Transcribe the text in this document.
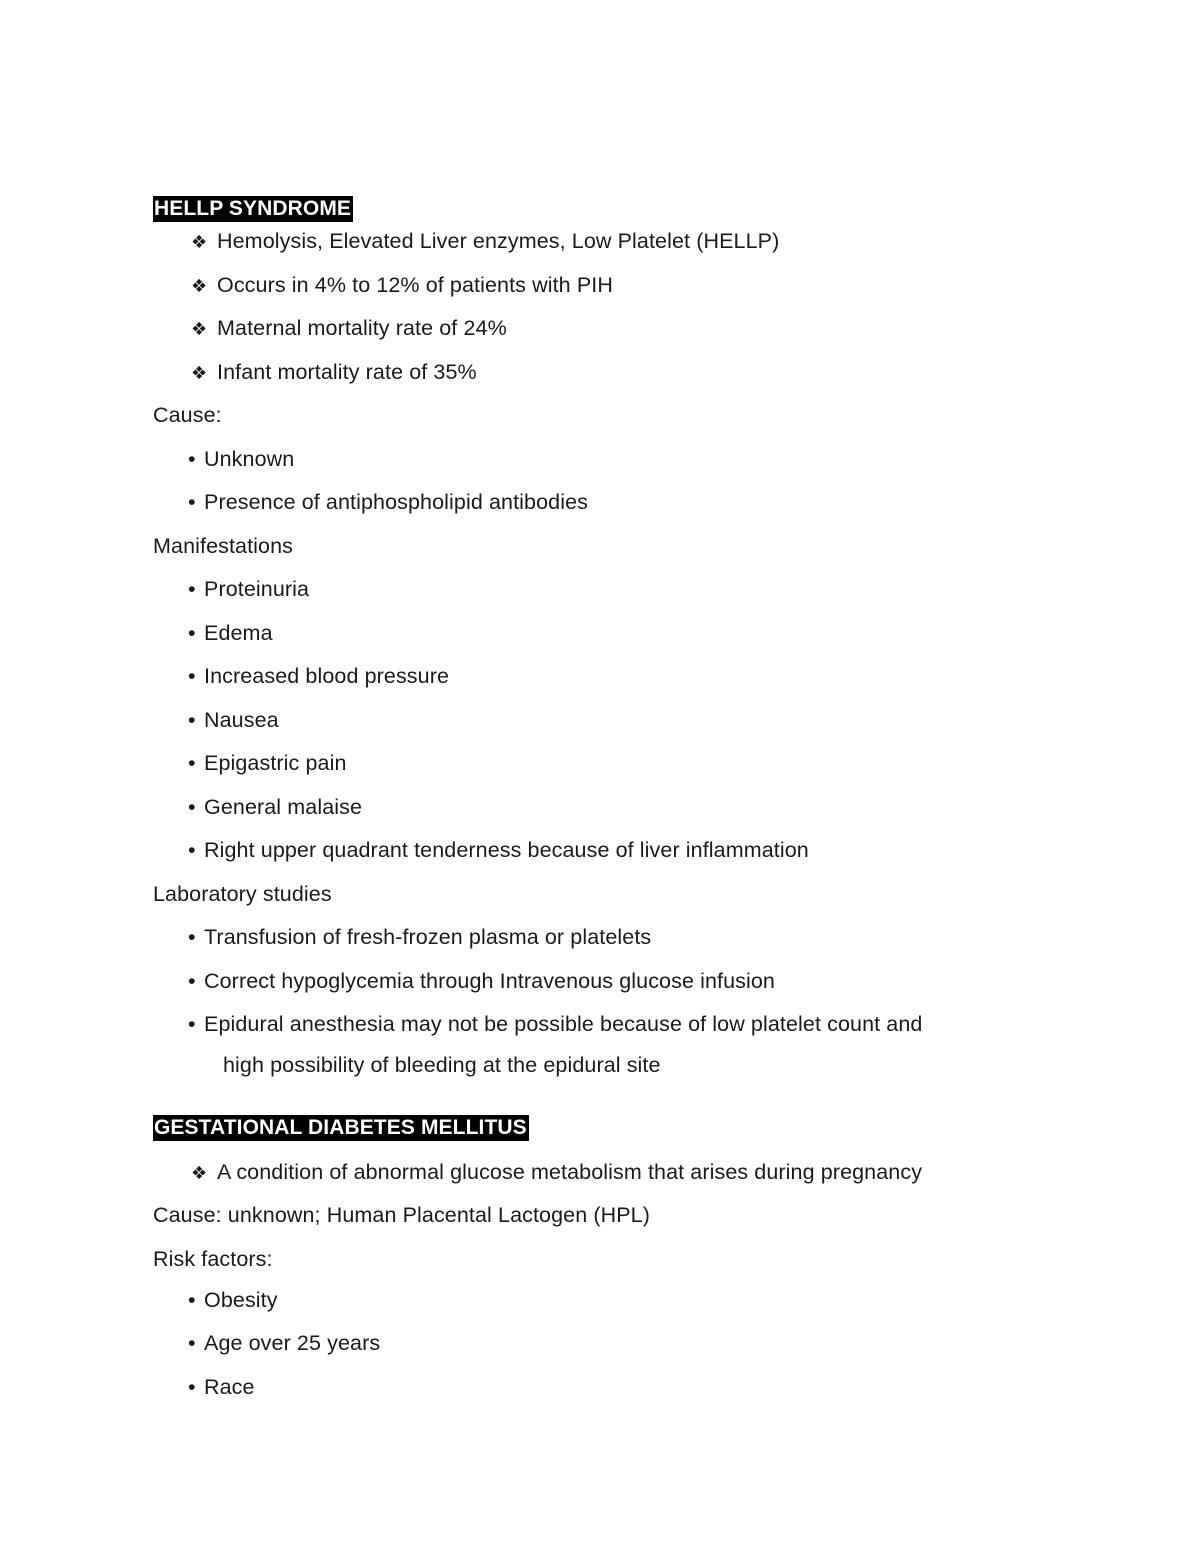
HELLP SYNDROME
❖ Hemolysis, Elevated Liver enzymes, Low Platelet (HELLP)
❖ Occurs in 4% to 12% of patients with PIH
❖ Maternal mortality rate of 24%
❖ Infant mortality rate of 35%
Cause:
• Unknown
• Presence of antiphospholipid antibodies
Manifestations
• Proteinuria
• Edema
• Increased blood pressure
• Nausea
• Epigastric pain
• General malaise
• Right upper quadrant tenderness because of liver inflammation
Laboratory studies
• Transfusion of fresh-frozen plasma or platelets
• Correct hypoglycemia through Intravenous glucose infusion
• Epidural anesthesia may not be possible because of low platelet count and
high possibility of bleeding at the epidural site
GESTATIONAL DIABETES MELLITUS
❖ A condition of abnormal glucose metabolism that arises during pregnancy
Cause: unknown; Human Placental Lactogen (HPL)
Risk factors:
• Obesity
• Age over 25 years
• Race
